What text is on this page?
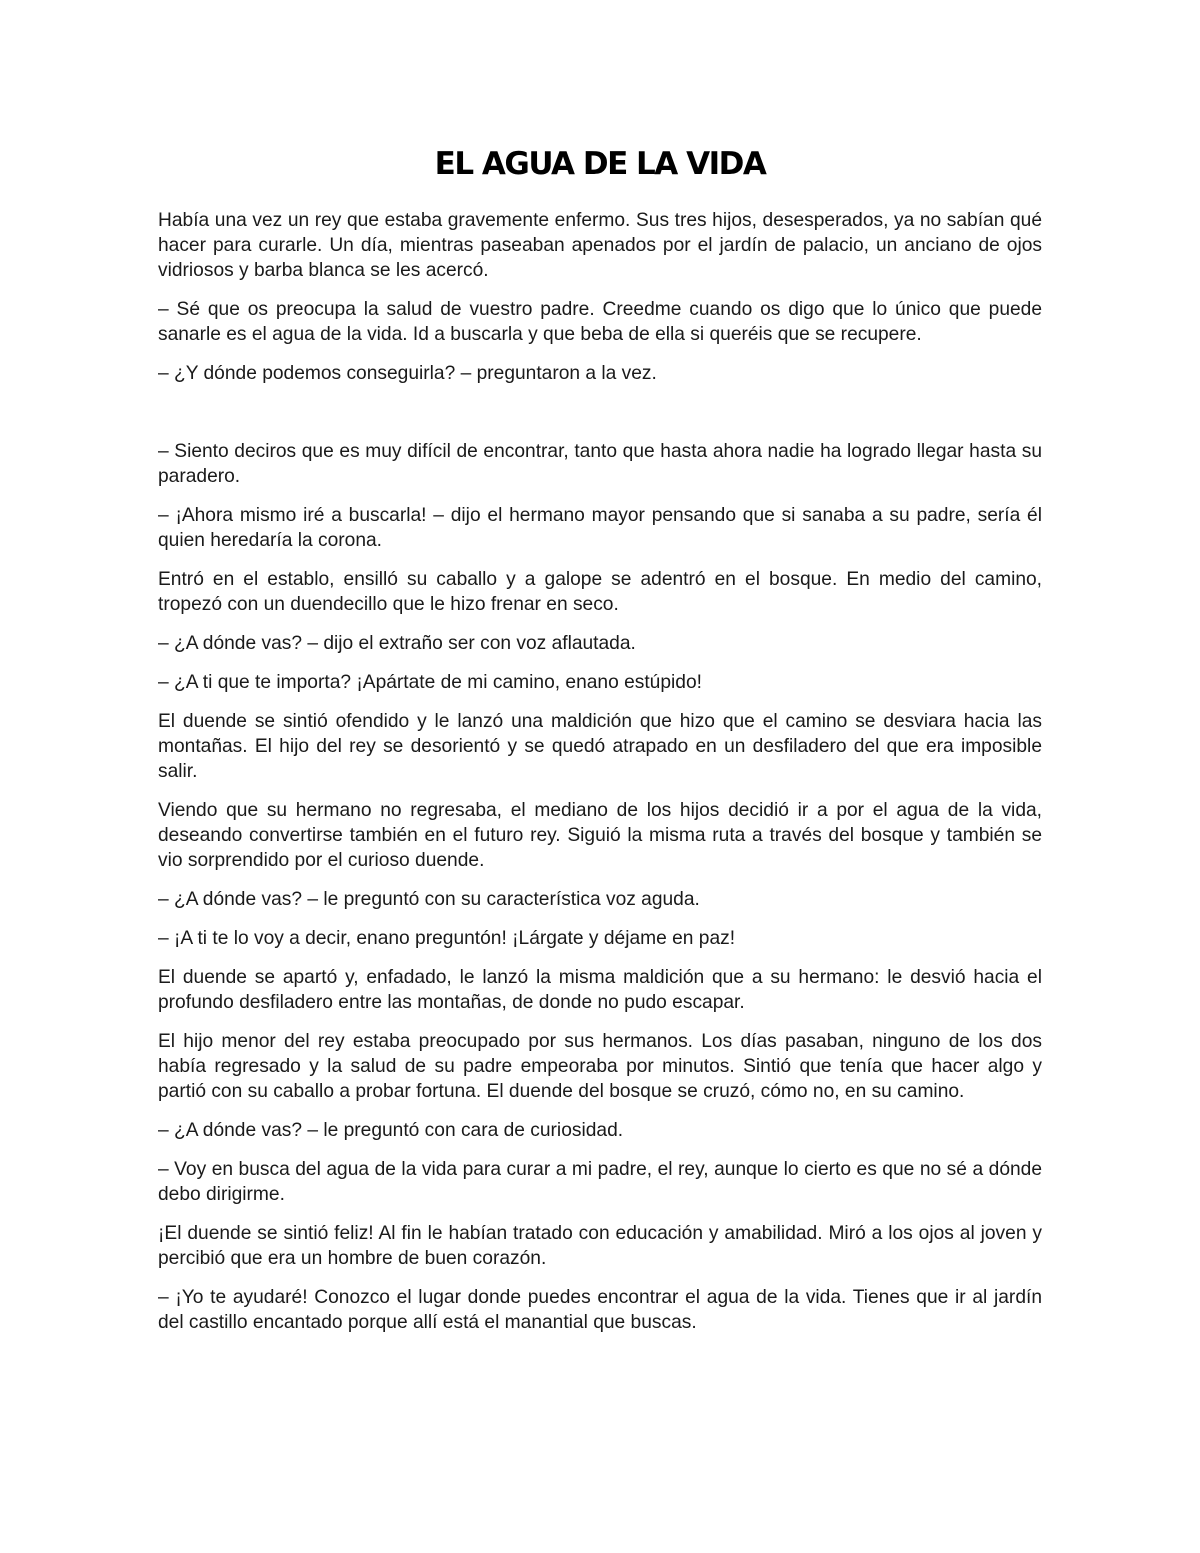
EL AGUA DE LA VIDA

Había una vez un rey que estaba gravemente enfermo. Sus tres hijos, desesperados, ya no sabían qué hacer para curarle. Un día, mientras paseaban apenados por el jardín de palacio, un anciano de ojos vidriosos y barba blanca se les acercó.

– Sé que os preocupa la salud de vuestro padre. Creedme cuando os digo que lo único que puede sanarle es el agua de la vida. Id a buscarla y que beba de ella si queréis que se recupere.

– ¿Y dónde podemos conseguirla? – preguntaron a la vez.

– Siento deciros que es muy difícil de encontrar, tanto que hasta ahora nadie ha logrado llegar hasta su paradero.

– ¡Ahora mismo iré a buscarla! – dijo el hermano mayor pensando que si sanaba a su padre, sería él quien heredaría la corona.

Entró en el establo, ensilló su caballo y a galope se adentró en el bosque. En medio del camino, tropezó con un duendecillo que le hizo frenar en seco.

– ¿A dónde vas? – dijo el extraño ser con voz aflautada.

– ¿A ti que te importa? ¡Apártate de mi camino, enano estúpido!

El duende se sintió ofendido y le lanzó una maldición que hizo que el camino se desviara hacia las montañas. El hijo del rey se desorientó y se quedó atrapado en un desfiladero del que era imposible salir.

Viendo que su hermano no regresaba, el mediano de los hijos decidió ir a por el agua de la vida, deseando convertirse también en el futuro rey. Siguió la misma ruta a través del bosque y también se vio sorprendido por el curioso duende.

– ¿A dónde vas? – le preguntó con su característica voz aguda.

– ¡A ti te lo voy a decir, enano preguntón! ¡Lárgate y déjame en paz!

El duende se apartó y, enfadado, le lanzó la misma maldición que a su hermano: le desvió hacia el profundo desfiladero entre las montañas, de donde no pudo escapar.

El hijo menor del rey estaba preocupado por sus hermanos. Los días pasaban, ninguno de los dos había regresado y la salud de su padre empeoraba por minutos. Sintió que tenía que hacer algo y partió con su caballo a probar fortuna. El duende del bosque se cruzó, cómo no, en su camino.

– ¿A dónde vas? – le preguntó con cara de curiosidad.

– Voy en busca del agua de la vida para curar a mi padre, el rey, aunque lo cierto es que no sé a dónde debo dirigirme.

¡El duende se sintió feliz! Al fin le habían tratado con educación y amabilidad. Miró a los ojos al joven y percibió que era un hombre de buen corazón.

– ¡Yo te ayudaré! Conozco el lugar donde puedes encontrar el agua de la vida. Tienes que ir al jardín del castillo encantado porque allí está el manantial que buscas.
